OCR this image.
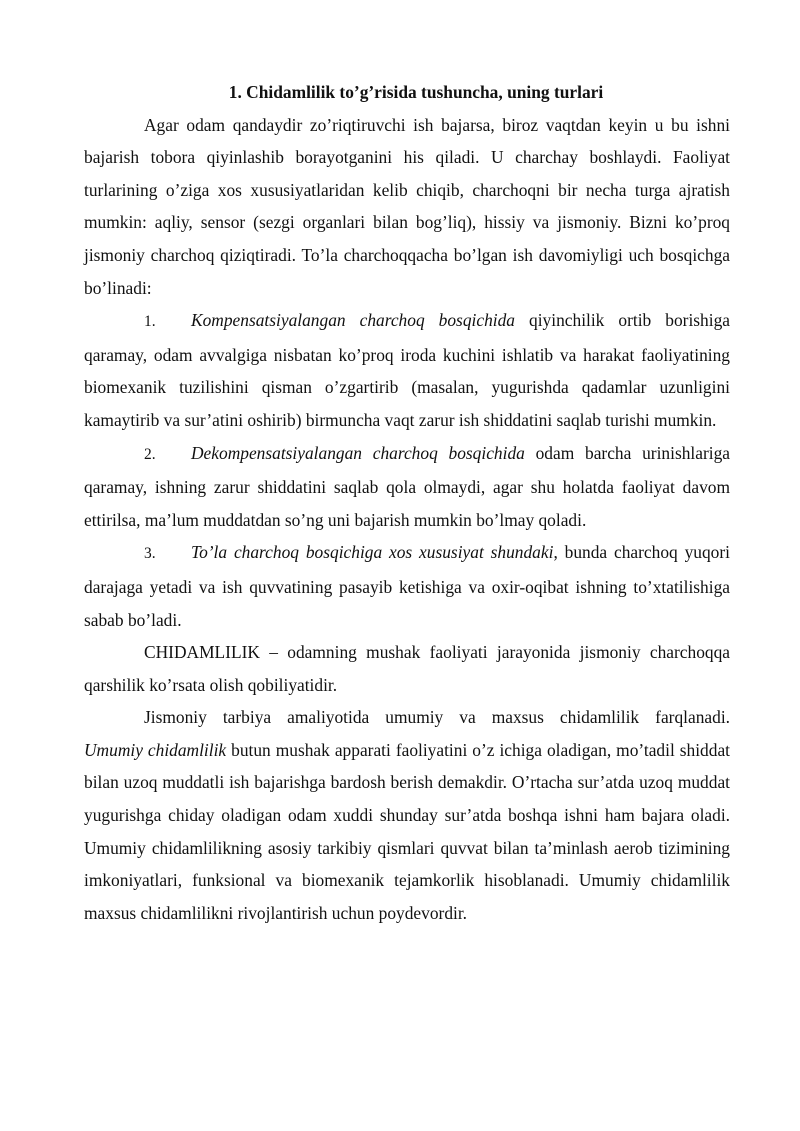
1. Chidamlilik to’g’risida tushuncha, uning turlari

Agar odam qandaydir zo’riqtiruvchi ish bajarsa, biroz vaqtdan keyin u bu ishni bajarish tobora qiyinlashib borayotganini his qiladi. U charchay boshlaydi. Faoliyat turlarining o’ziga xos xususiyatlaridan kelib chiqib, charchoqni bir necha turga ajratish mumkin: aqliy, sensor (sezgi organlari bilan bog’liq), hissiy va jismoniy. Bizni ko’proq jismoniy charchoq qiziqtiradi. To’la charchoqqacha bo’lgan ish davomiyligi uch bosqichga bo’linadi:

1. Kompensatsiyalangan charchoq bosqichida qiyinchilik ortib borishiga qaramay, odam avvalgiga nisbatan ko’proq iroda kuchini ishlatib va harakat faoliyatining biomexanik tuzilishini qisman o’zgartirib (masalan, yugurishda qadamlar uzunligini kamaytirib va sur’atini oshirib) birmuncha vaqt zarur ish shiddatini saqlab turishi mumkin.

2. Dekompensatsiyalangan charchoq bosqichida odam barcha urinishlariga qaramay, ishning zarur shiddatini saqlab qola olmaydi, agar shu holatda faoliyat davom ettirilsa, ma’lum muddatdan so’ng uni bajarish mumkin bo’lmay qoladi.

3. To’la charchoq bosqichiga xos xususiyat shundaki, bunda charchoq yuqori darajaga yetadi va ish quvvatining pasayib ketishiga va oxir-oqibat ishning to’xtatilishiga sabab bo’ladi.

CHIDAMLILIK – odamning mushak faoliyati jarayonida jismoniy charchoqqa qarshilik ko’rsata olish qobiliyatidir.

Jismoniy tarbiya amaliyotida umumiy va maxsus chidamlilik farqlanadi.

Umumiy chidamlilik butun mushak apparati faoliyatini o’z ichiga oladigan, mo’tadil shiddat bilan uzoq muddatli ish bajarishga bardosh berish demakdir. O’rtacha sur’atda uzoq muddat yugurishga chiday oladigan odam xuddi shunday sur’atda boshqa ishni ham bajara oladi. Umumiy chidamlilikning asosiy tarkibiy qismlari quvvat bilan ta’minlash aerob tizimining imkoniyatlari, funksional va biomexanik tejamkorlik hisoblanadi. Umumiy chidamlilik maxsus chidamlilikni rivojlantirish uchun poydevordir.
